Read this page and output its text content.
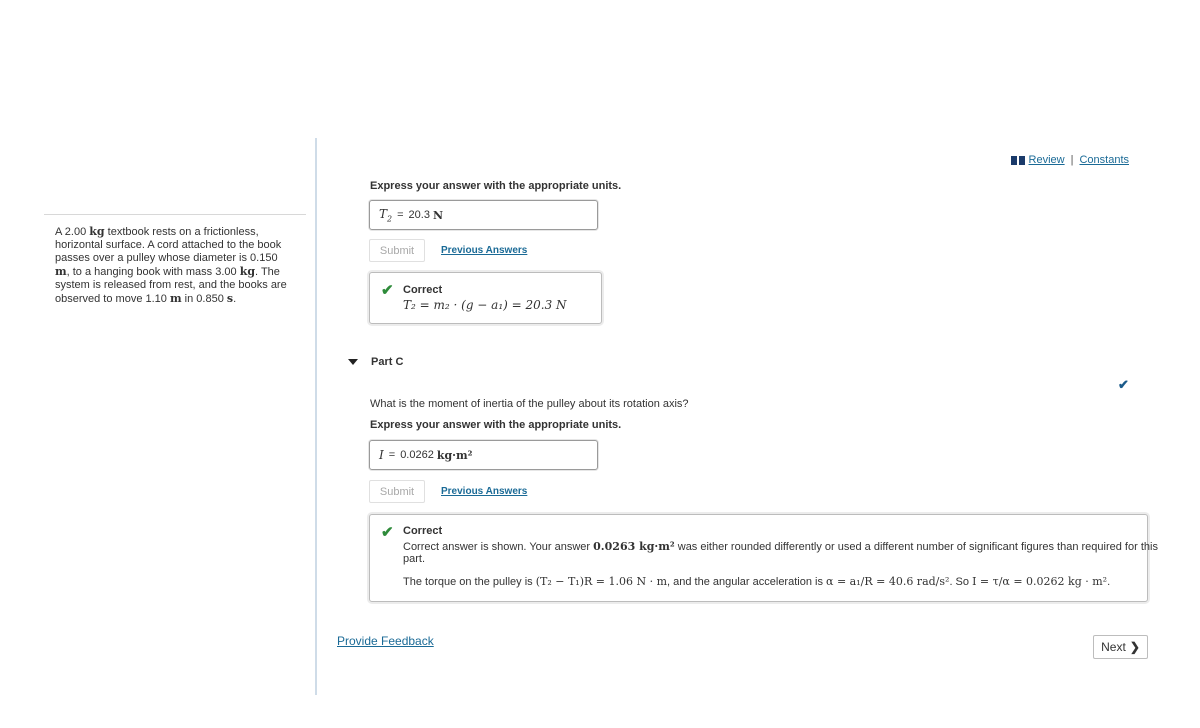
A 2.00 kg textbook rests on a frictionless, horizontal surface. A cord attached to the book passes over a pulley whose diameter is 0.150 m, to a hanging book with mass 3.00 kg. The system is released from rest, and the books are observed to move 1.10 m in 0.850 s.
Review | Constants
Express your answer with the appropriate units.
$T_2 = 20.3$ N
Submit	Previous Answers
✔ Correct
T₂ = m₂ · (g − a₁) = 20.3 N
Part C
✔
What is the moment of inertia of the pulley about its rotation axis?
Express your answer with the appropriate units.
I = 0.0262 kg·m²
Submit	Previous Answers
✔ Correct
Correct answer is shown. Your answer 0.0263 kg·m² was either rounded differently or used a different number of significant figures than required for this
part.
The torque on the pulley is (T₂ − T₁)R = 1.06 N · m, and the angular acceleration is α = a₁/R = 40.6 rad/s². So I = τ/α = 0.0262 kg · m².
Provide Feedback	Next ❯
